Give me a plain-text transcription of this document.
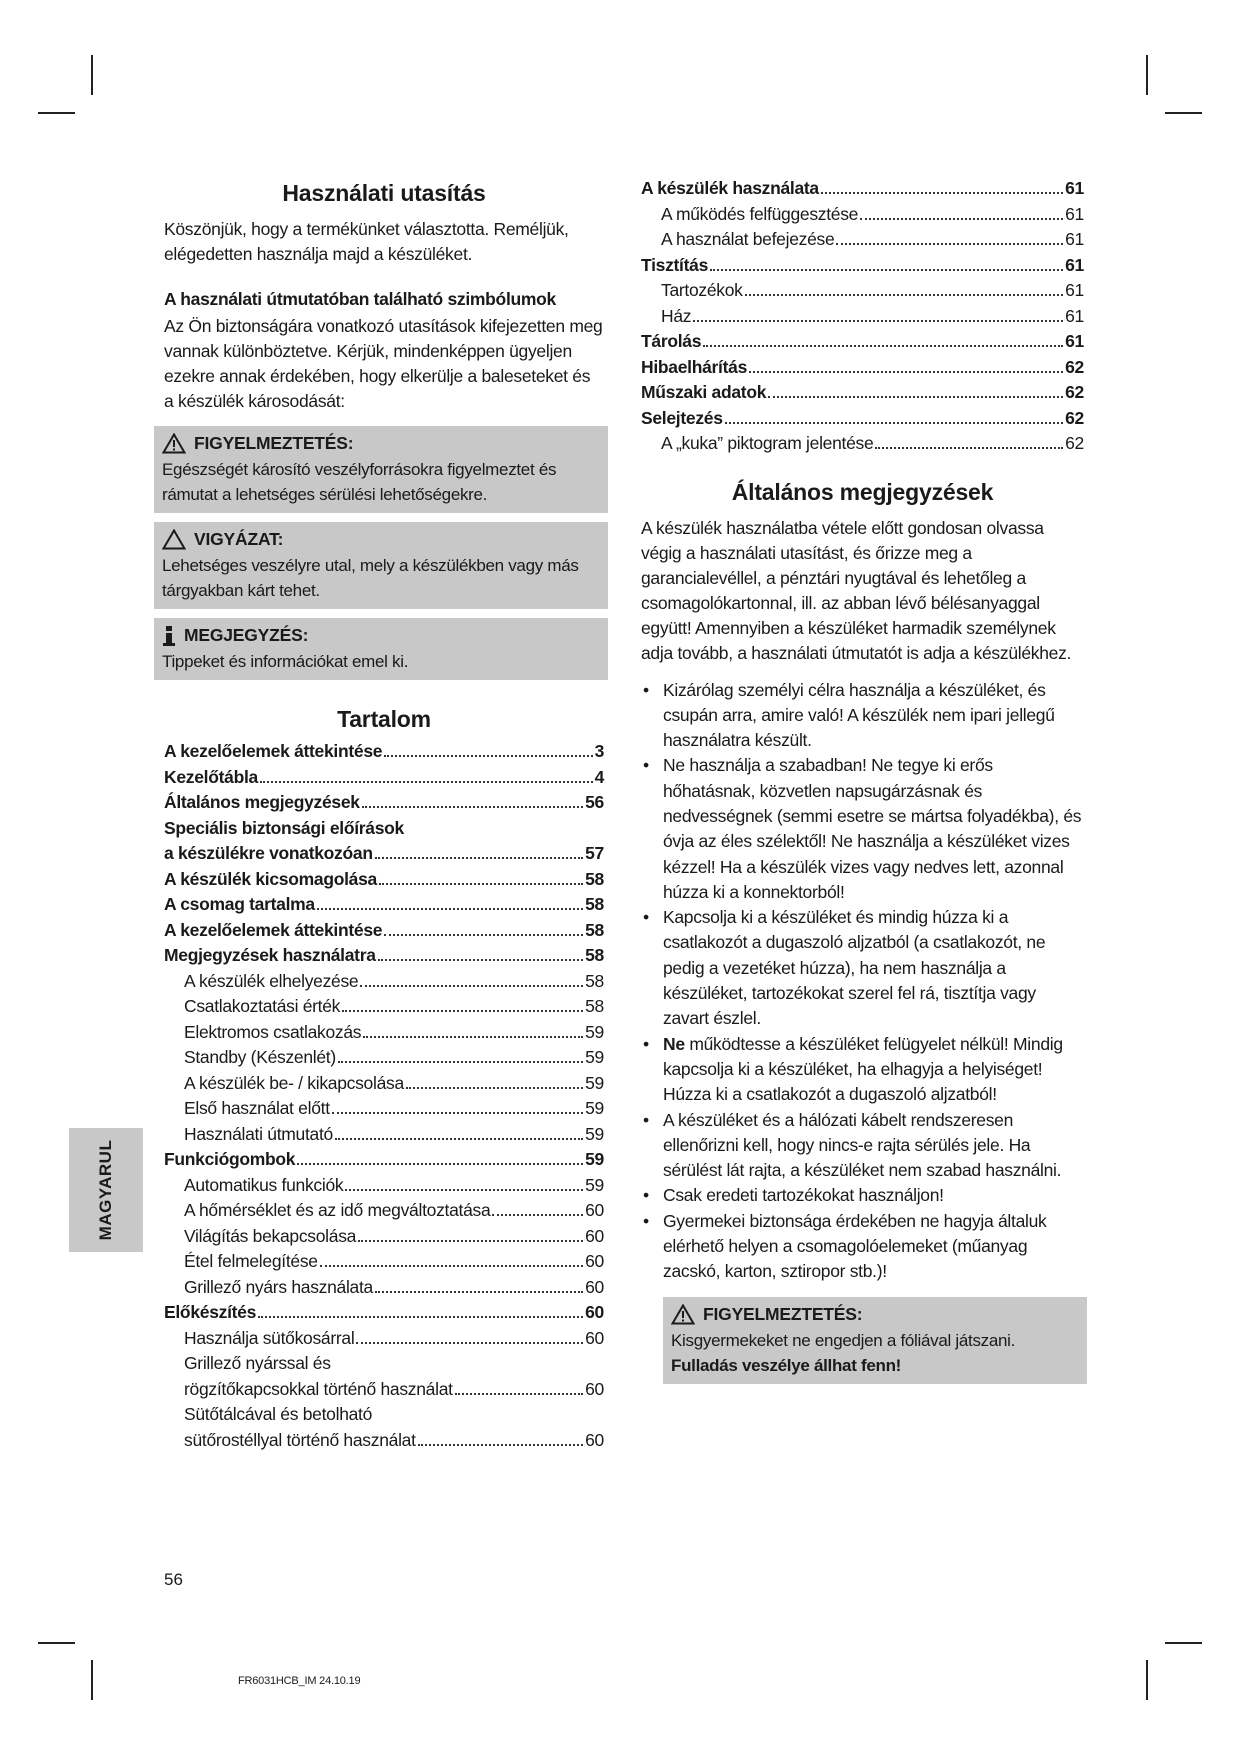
Használati utasítás

Köszönjük, hogy a termékünket választotta. Reméljük, elégedetten használja majd a készüléket.

A használati útmutatóban található szimbólumok

Az Ön biztonságára vonatkozó utasítások kifejezetten meg vannak különböztetve. Kérjük, mindenképpen ügyeljen ezekre annak érdekében, hogy elkerülje a baleseteket és a készülék károsodását:

FIGYELMEZTETÉS:

Egészségét károsító veszélyforrásokra figyelmeztet és rámutat a lehetséges sérülési lehetőségekre.

VIGYÁZAT:

Lehetséges veszélyre utal, mely a készülékben vagy más tárgyakban kárt tehet.

MEGJEGYZÉS:

Tippeket és információkat emel ki.

Tartalom
A kezelőelemek áttekintése	3
Kezelőtábla	4
Általános megjegyzések	56
Speciális biztonsági előírások
a készülékre vonatkozóan	57
A készülék kicsomagolása	58
A csomag tartalma	58
A kezelőelemek áttekintése	58
Megjegyzések használatra	58
A készülék elhelyezése	58
Csatlakoztatási érték	58
Elektromos csatlakozás	59
Standby (Készenlét)	59
A készülék be- / kikapcsolása	59
Első használat előtt	59
Használati útmutató	59
Funkciógombok	59
Automatikus funkciók	59
A hőmérséklet és az idő megváltoztatása	60
Világítás bekapcsolása	60
Étel felmelegítése	60
Grillező nyárs használata	60
Előkészítés	60
Használja sütőkosárral	60
Grillező nyárssal és
rögzítőkapcsokkal történő használat	60
Sütőtálcával és betolható
sütőrostéllyal történő használat	60
A készülék használata	61
A működés felfüggesztése	61
A használat befejezése	61
Tisztítás	61
Tartozékok	61
Ház	61
Tárolás	61
Hibaelhárítás	62
Műszaki adatok	62
Selejtezés	62
A „kuka” piktogram jelentése	62
Általános megjegyzések

A készülék használatba vétele előtt gondosan olvassa végig a használati utasítást, és őrizze meg a garancialevéllel, a pénztári nyugtával és lehetőleg a csomagolókartonnal, ill. az abban lévő bélésanyaggal együtt! Amennyiben a készüléket harmadik személynek adja tovább, a használati útmutatót is adja a készülékhez.

• Kizárólag személyi célra használja a készüléket, és csupán arra, amire való! A készülék nem ipari jellegű használatra készült.
• Ne használja a szabadban! Ne tegye ki erős hőhatásnak, közvetlen napsugárzásnak és nedvességnek (semmi esetre se mártsa folyadékba), és óvja az éles szélektől! Ne használja a készüléket vizes kézzel! Ha a készülék vizes vagy nedves lett, azonnal húzza ki a konnektorból!
• Kapcsolja ki a készüléket és mindig húzza ki a csatlakozót a dugaszoló aljzatból (a csatlakozót, ne pedig a vezetéket húzza), ha nem használja a készüléket, tartozékokat szerel fel rá, tisztítja vagy zavart észlel.
• Ne működtesse a készüléket felügyelet nélkül! Mindig kapcsolja ki a készüléket, ha elhagyja a helyiséget! Húzza ki a csatlakozót a dugaszoló aljzatból!
• A készüléket és a hálózati kábelt rendszeresen ellenőrizni kell, hogy nincs-e rajta sérülés jele. Ha sérülést lát rajta, a készüléket nem szabad használni.
• Csak eredeti tartozékokat használjon!
• Gyermekei biztonsága érdekében ne hagyja általuk elérhető helyen a csomagolóelemeket (műanyag zacskó, karton, sztiropor stb.)!
FIGYELMEZTETÉS:

Kisgyermekeket ne engedjen a fóliával játszani.

Fulladás veszélye állhat fenn!

MAGYARUL
56
FR6031HCB_IM 24.10.19
